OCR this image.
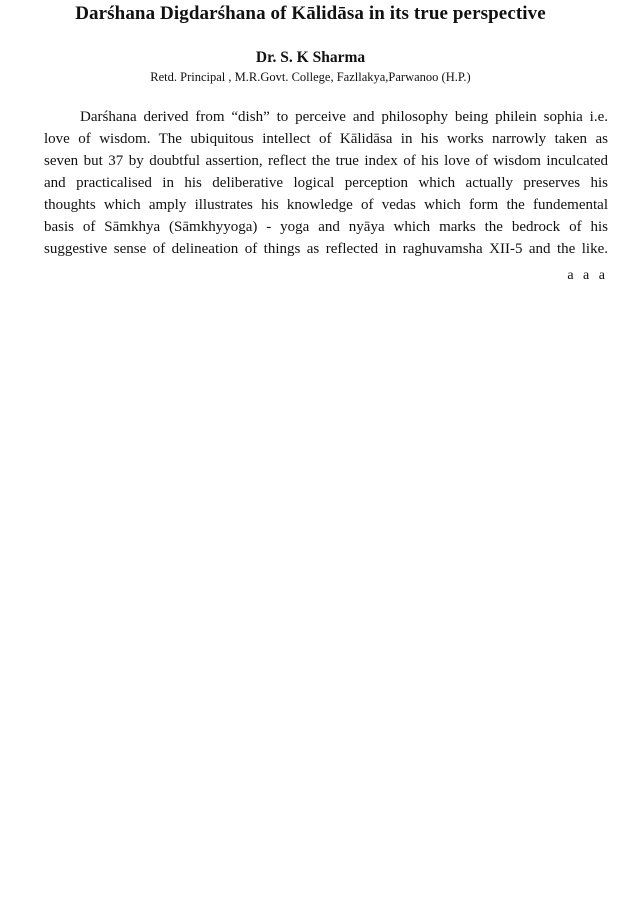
Darśhana Digdarśhana of Kālidāsa in its true perspective
Dr. S. K Sharma
Retd. Principal , M.R.Govt. College, Fazllakya,Parwanoo (H.P.)
Darśhana derived from “dish” to perceive and philosophy being philein sophia i.e.
love of wisdom. The ubiquitous intellect of Kālidāsa in his works narrowly taken as
seven but 37 by doubtful assertion, reflect the true index of his love of wisdom inculcated
and practicalised in his deliberative logical perception which actually preserves his
thoughts which amply illustrates his knowledge of vedas which form the fundemental
basis of Sāmkhya (Sāmkhyyoga) - yoga and nyāya which marks the bedrock of his
suggestive sense of delineation of things as reflected in raghuvamsha XII-5 and the like.
a a a
